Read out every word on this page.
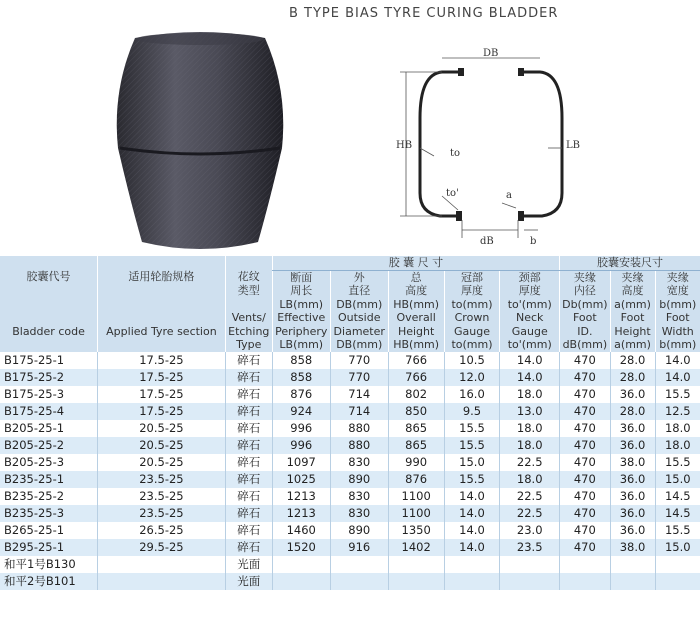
B TYPE BIAS TYRE CURING BLADDER
DB
HB	LB
to
to'	a
dB	b
胶囊代号	适用轮胎规格		胶 囊 尺 寸					胶囊安装尺寸		
		花纹	断面	外	总	冠部	颈部	夹缘	夹缘	夹缘
		类型	周长	直径	高度	厚度	厚度	内径	高度	宽度
			LB(mm)	DB(mm)	HB(mm)	to(mm)	to'(mm)	Db(mm)	a(mm)	b(mm)
		Vents/	Effective	Outside	Overall	Crown	Neck	Foot	Foot	Foot
Bladder code	Applied Tyre section	Etching	Periphery	Diameter	Height	Gauge	Gauge	ID.	Height	Width
		Type	LB(mm)	DB(mm)	HB(mm)	to(mm)	to'(mm)	dB(mm)	a(mm)	b(mm)
B175-25-1	17.5-25	碎石	858	770	766	10.5	14.0	470	28.0	14.0
B175-25-2	17.5-25	碎石	858	770	766	12.0	14.0	470	28.0	14.0
B175-25-3	17.5-25	碎石	876	714	802	16.0	18.0	470	36.0	15.5
B175-25-4	17.5-25	碎石	924	714	850	9.5	13.0	470	28.0	12.5
B205-25-1	20.5-25	碎石	996	880	865	15.5	18.0	470	36.0	18.0
B205-25-2	20.5-25	碎石	996	880	865	15.5	18.0	470	36.0	18.0
B205-25-3	20.5-25	碎石	1097	830	990	15.0	22.5	470	38.0	15.5
B235-25-1	23.5-25	碎石	1025	890	876	15.5	18.0	470	36.0	15.0
B235-25-2	23.5-25	碎石	1213	830	1100	14.0	22.5	470	36.0	14.5
B235-25-3	23.5-25	碎石	1213	830	1100	14.0	22.5	470	36.0	14.5
B265-25-1	26.5-25	碎石	1460	890	1350	14.0	23.0	470	36.0	15.5
B295-25-1	29.5-25	碎石	1520	916	1402	14.0	23.5	470	38.0	15.0
和平1号B130		光面								
和平2号B101		光面								
